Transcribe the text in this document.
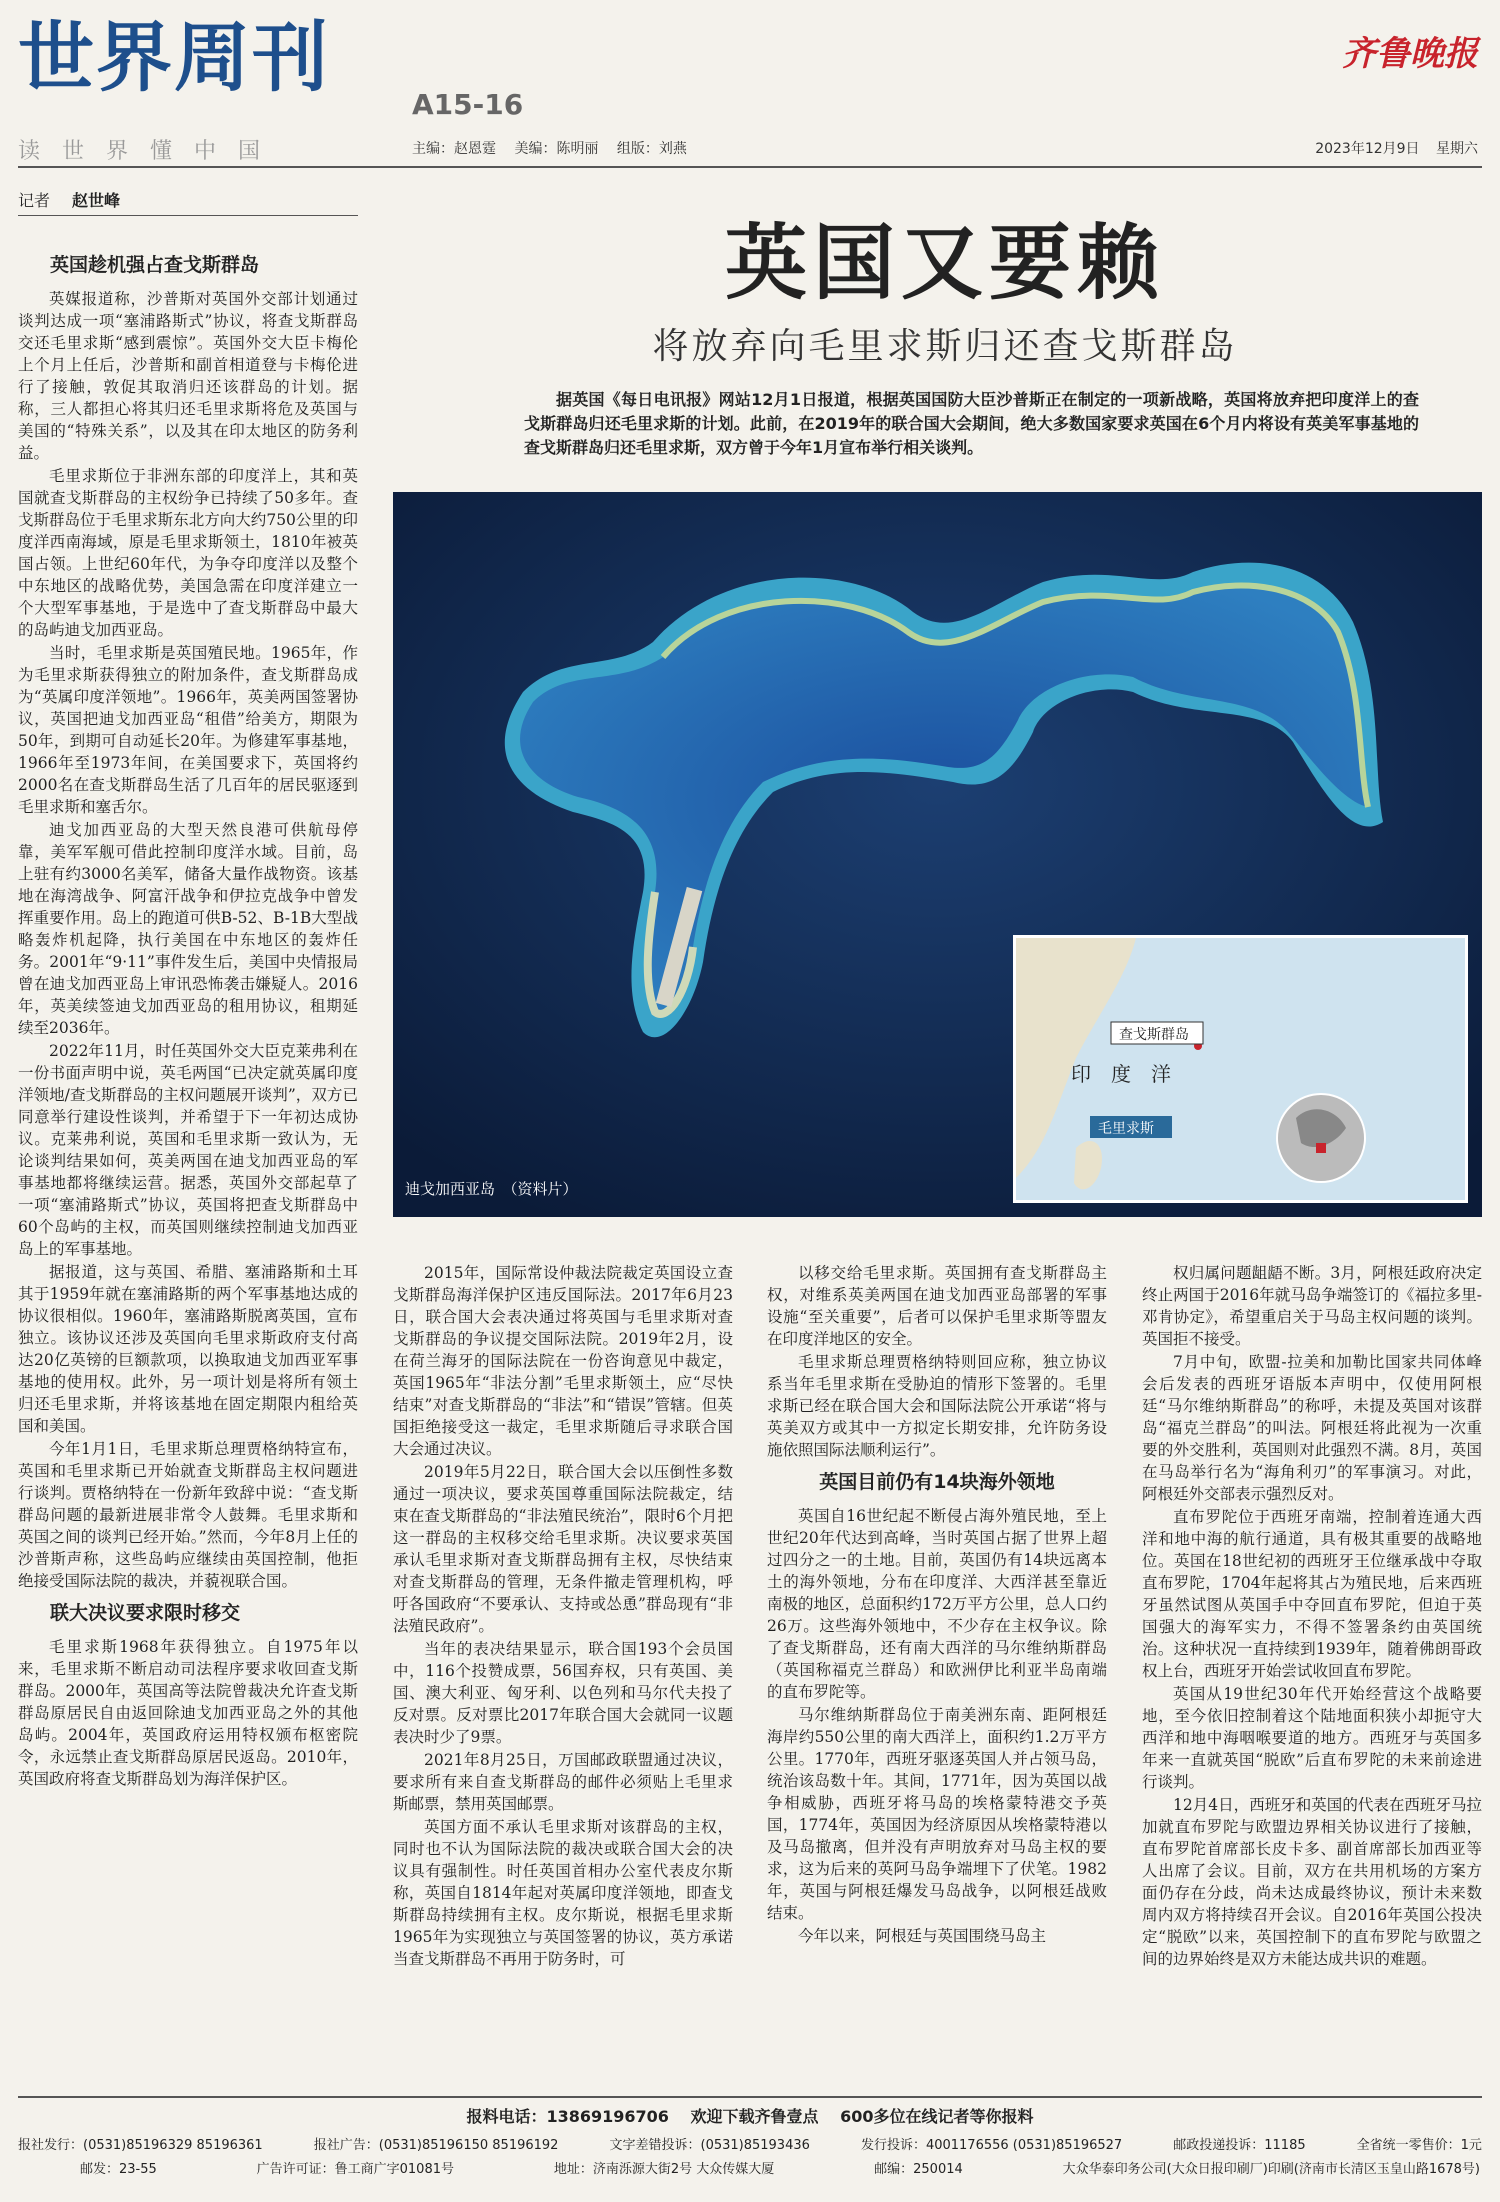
世界周刊
A15-16
齐鲁晚报
读世界懂中国	主编：赵恩霆 美编：陈明丽 组版：刘燕	2023年12月9日 星期六
记者 赵世峰
英国又要赖
将放弃向毛里求斯归还查戈斯群岛
据英国《每日电讯报》网站12月1日报道，根据英国国防大臣沙普斯正在制定的一项新战略，英国将放弃把印度洋上的查戈斯群岛归还毛里求斯的计划。此前，在2019年的联合国大会期间，绝大多数国家要求英国在6个月内将设有英美军事基地的查戈斯群岛归还毛里求斯，双方曾于今年1月宣布举行相关谈判。
迪戈加西亚岛　（资料片）
查戈斯群岛
印　度　洋
毛里求斯
英国趁机强占查戈斯群岛

英媒报道称，沙普斯对英国外交部计划通过谈判达成一项“塞浦路斯式”协议，将查戈斯群岛交还毛里求斯“感到震惊”。英国外交大臣卡梅伦上个月上任后，沙普斯和副首相道登与卡梅伦进行了接触，敦促其取消归还该群岛的计划。据称，三人都担心将其归还毛里求斯将危及英国与美国的“特殊关系”，以及其在印太地区的防务利益。

毛里求斯位于非洲东部的印度洋上，其和英国就查戈斯群岛的主权纷争已持续了50多年。查戈斯群岛位于毛里求斯东北方向大约750公里的印度洋西南海域，原是毛里求斯领土，1810年被英国占领。上世纪60年代，为争夺印度洋以及整个中东地区的战略优势，美国急需在印度洋建立一个大型军事基地，于是选中了查戈斯群岛中最大的岛屿迪戈加西亚岛。

当时，毛里求斯是英国殖民地。1965年，作为毛里求斯获得独立的附加条件，查戈斯群岛成为“英属印度洋领地”。1966年，英美两国签署协议，英国把迪戈加西亚岛“租借”给美方，期限为50年，到期可自动延长20年。为修建军事基地，1966年至1973年间，在美国要求下，英国将约2000名在查戈斯群岛生活了几百年的居民驱逐到毛里求斯和塞舌尔。

迪戈加西亚岛的大型天然良港可供航母停靠，美军军舰可借此控制印度洋水域。目前，岛上驻有约3000名美军，储备大量作战物资。该基地在海湾战争、阿富汗战争和伊拉克战争中曾发挥重要作用。岛上的跑道可供B-52、B-1B大型战略轰炸机起降，执行美国在中东地区的轰炸任务。2001年“9·11”事件发生后，美国中央情报局曾在迪戈加西亚岛上审讯恐怖袭击嫌疑人。2016年，英美续签迪戈加西亚岛的租用协议，租期延续至2036年。

2022年11月，时任英国外交大臣克莱弗利在一份书面声明中说，英毛两国“已决定就英属印度洋领地/查戈斯群岛的主权问题展开谈判”，双方已同意举行建设性谈判，并希望于下一年初达成协议。克莱弗利说，英国和毛里求斯一致认为，无论谈判结果如何，英美两国在迪戈加西亚岛的军事基地都将继续运营。据悉，英国外交部起草了一项“塞浦路斯式”协议，英国将把查戈斯群岛中60个岛屿的主权，而英国则继续控制迪戈加西亚岛上的军事基地。

据报道，这与英国、希腊、塞浦路斯和土耳其于1959年就在塞浦路斯的两个军事基地达成的协议很相似。1960年，塞浦路斯脱离英国，宣布独立。该协议还涉及英国向毛里求斯政府支付高达20亿英镑的巨额款项，以换取迪戈加西亚军事基地的使用权。此外，另一项计划是将所有领土归还毛里求斯，并将该基地在固定期限内租给英国和美国。

今年1月1日，毛里求斯总理贾格纳特宣布，英国和毛里求斯已开始就查戈斯群岛主权问题进行谈判。贾格纳特在一份新年致辞中说：“查戈斯群岛问题的最新进展非常令人鼓舞。毛里求斯和英国之间的谈判已经开始。”然而，今年8月上任的沙普斯声称，这些岛屿应继续由英国控制，他拒绝接受国际法院的裁决，并藐视联合国。

联大决议要求限时移交

毛里求斯1968年获得独立。自1975年以来，毛里求斯不断启动司法程序要求收回查戈斯群岛。2000年，英国高等法院曾裁决允许查戈斯群岛原居民自由返回除迪戈加西亚岛之外的其他岛屿。2004年，英国政府运用特权颁布枢密院令，永远禁止查戈斯群岛原居民返岛。2010年，英国政府将查戈斯群岛划为海洋保护区。

2015年，国际常设仲裁法院裁定英国设立查戈斯群岛海洋保护区违反国际法。2017年6月23日，联合国大会表决通过将英国与毛里求斯对查戈斯群岛的争议提交国际法院。2019年2月，设在荷兰海牙的国际法院在一份咨询意见中裁定，英国1965年“非法分割”毛里求斯领土，应“尽快结束”对查戈斯群岛的“非法”和“错误”管辖。但英国拒绝接受这一裁定，毛里求斯随后寻求联合国大会通过决议。

2019年5月22日，联合国大会以压倒性多数通过一项决议，要求英国尊重国际法院裁定，结束在查戈斯群岛的“非法殖民统治”，限时6个月把这一群岛的主权移交给毛里求斯。决议要求英国承认毛里求斯对查戈斯群岛拥有主权，尽快结束对查戈斯群岛的管理，无条件撤走管理机构，呼吁各国政府“不要承认、支持或怂恿”群岛现有“非法殖民政府”。

当年的表决结果显示，联合国193个会员国中，116个投赞成票，56国弃权，只有英国、美国、澳大利亚、匈牙利、以色列和马尔代夫投了反对票。反对票比2017年联合国大会就同一议题表决时少了9票。

2021年8月25日，万国邮政联盟通过决议，要求所有来自查戈斯群岛的邮件必须贴上毛里求斯邮票，禁用英国邮票。

英国方面不承认毛里求斯对该群岛的主权，同时也不认为国际法院的裁决或联合国大会的决议具有强制性。时任英国首相办公室代表皮尔斯称，英国自1814年起对英属印度洋领地，即查戈斯群岛持续拥有主权。皮尔斯说，根据毛里求斯1965年为实现独立与英国签署的协议，英方承诺当查戈斯群岛不再用于防务时，可

以移交给毛里求斯。英国拥有查戈斯群岛主权，对维系英美两国在迪戈加西亚岛部署的军事设施“至关重要”，后者可以保护毛里求斯等盟友在印度洋地区的安全。

毛里求斯总理贾格纳特则回应称，独立协议系当年毛里求斯在受胁迫的情形下签署的。毛里求斯已经在联合国大会和国际法院公开承诺“将与英美双方或其中一方拟定长期安排，允许防务设施依照国际法顺利运行”。

英国目前仍有14块海外领地

英国自16世纪起不断侵占海外殖民地，至上世纪20年代达到高峰，当时英国占据了世界上超过四分之一的土地。目前，英国仍有14块远离本土的海外领地，分布在印度洋、大西洋甚至靠近南极的地区，总面积约172万平方公里，总人口约26万。这些海外领地中，不少存在主权争议。除了查戈斯群岛，还有南大西洋的马尔维纳斯群岛（英国称福克兰群岛）和欧洲伊比利亚半岛南端的直布罗陀等。

马尔维纳斯群岛位于南美洲东南、距阿根廷海岸约550公里的南大西洋上，面积约1.2万平方公里。1770年，西班牙驱逐英国人并占领马岛，统治该岛数十年。其间，1771年，因为英国以战争相威胁，西班牙将马岛的埃格蒙特港交予英国，1774年，英国因为经济原因从埃格蒙特港以及马岛撤离，但并没有声明放弃对马岛主权的要求，这为后来的英阿马岛争端埋下了伏笔。1982年，英国与阿根廷爆发马岛战争，以阿根廷战败结束。

今年以来，阿根廷与英国围绕马岛主

权归属问题龃龉不断。3月，阿根廷政府决定终止两国于2016年就马岛争端签订的《福拉多里-邓肯协定》，希望重启关于马岛主权问题的谈判。英国拒不接受。

7月中旬，欧盟-拉美和加勒比国家共同体峰会后发表的西班牙语版本声明中，仅使用阿根廷“马尔维纳斯群岛”的称呼，未提及英国对该群岛“福克兰群岛”的叫法。阿根廷将此视为一次重要的外交胜利，英国则对此强烈不满。8月，英国在马岛举行名为“海角利刃”的军事演习。对此，阿根廷外交部表示强烈反对。

直布罗陀位于西班牙南端，控制着连通大西洋和地中海的航行通道，具有极其重要的战略地位。英国在18世纪初的西班牙王位继承战中夺取直布罗陀，1704年起将其占为殖民地，后来西班牙虽然试图从英国手中夺回直布罗陀，但迫于英国强大的海军实力，不得不签署条约由英国统治。这种状况一直持续到1939年，随着佛朗哥政权上台，西班牙开始尝试收回直布罗陀。

英国从19世纪30年代开始经营这个战略要地，至今依旧控制着这个陆地面积狭小却扼守大西洋和地中海咽喉要道的地方。西班牙与英国多年来一直就英国“脱欧”后直布罗陀的未来前途进行谈判。

12月4日，西班牙和英国的代表在西班牙马拉加就直布罗陀与欧盟边界相关协议进行了接触，直布罗陀首席部长皮卡多、副首席部长加西亚等人出席了会议。目前，双方在共用机场的方案方面仍存在分歧，尚未达成最终协议，预计未来数周内双方将持续召开会议。自2016年英国公投决定“脱欧”以来，英国控制下的直布罗陀与欧盟之间的边界始终是双方未能达成共识的难题。

报料电话：13869196706 欢迎下载齐鲁壹点 600多位在线记者等你报料
报社发行：(0531)85196329 85196361	报社广告：(0531)85196150 85196192	文字差错投诉：(0531)85193436	发行投诉：4001176556 (0531)85196527	邮政投递投诉：11185	全省统一零售价：1元
邮发：23-55	广告许可证：鲁工商广字01081号	地址：济南泺源大街2号 大众传媒大厦	邮编：250014	大众华泰印务公司(大众日报印刷厂)印刷(济南市长清区玉皇山路1678号)
